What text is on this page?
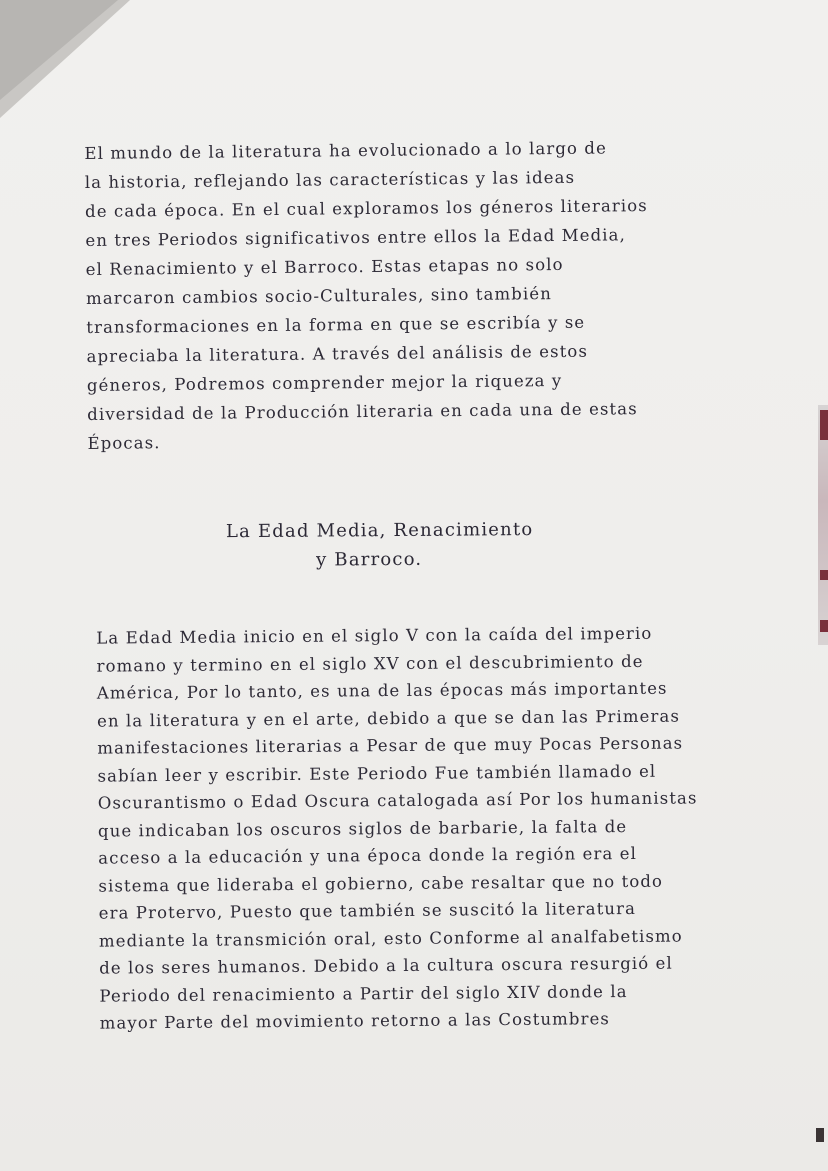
El mundo de la literatura ha evolucionado a lo largo de
la historia, reflejando las características y las ideas
de cada época. En el cual exploramos los géneros literarios
en tres Periodos significativos entre ellos la Edad Media,
el Renacimiento y el Barroco. Estas etapas no solo
marcaron cambios socio-Culturales, sino también
transformaciones en la forma en que se escribía y se
apreciaba la literatura. A través del análisis de estos
géneros, Podremos comprender mejor la riqueza y
diversidad de la Producción literaria en cada una de estas
Épocas.
La Edad Media, Renacimiento
y Barroco.
La Edad Media inicio en el siglo V con la caída del imperio
romano y termino en el siglo XV con el descubrimiento de
América, Por lo tanto, es una de las épocas más importantes
en la literatura y en el arte, debido a que se dan las Primeras
manifestaciones literarias a Pesar de que muy Pocas Personas
sabían leer y escribir. Este Periodo Fue también llamado el
Oscurantismo o Edad Oscura catalogada así Por los humanistas
que indicaban los oscuros siglos de barbarie, la falta de
acceso a la educación y una época donde la región era el
sistema que lideraba el gobierno, cabe resaltar que no todo
era Protervo, Puesto que también se suscitó la literatura
mediante la transmición oral, esto Conforme al analfabetismo
de los seres humanos. Debido a la cultura oscura resurgió el
Periodo del renacimiento a Partir del siglo XIV donde la
mayor Parte del movimiento retorno a las Costumbres
